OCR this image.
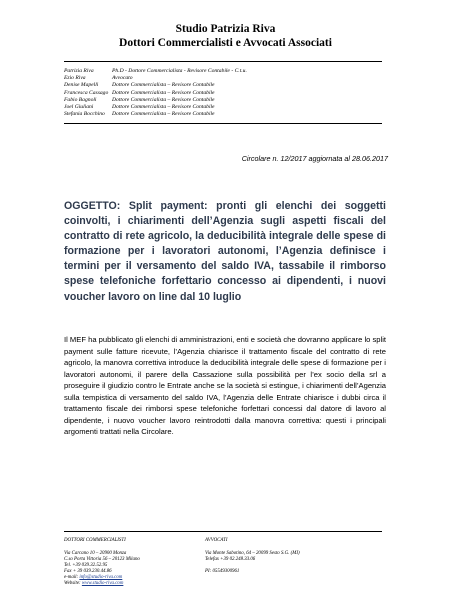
Studio Patrizia Riva
Dottori Commercialisti e Avvocati Associati
Patrizia Riva	Ph.D - Dottore Commercialista - Revisore Contabile - C.t.u.
Ezio Riva	Avvocato
Denise Mapelli	Dottore Commercialista – Revisore Contabile
Francesca Cassago Dottore Commercialista – Revisore Contabile
Fabio Bagnoli	Dottore Commercialista – Revisore Contabile
Joel Giuliani	Dottore Commercialista – Revisore Contabile
Stefania Bocchino	Dottore Commercialista – Revisore Contabile
Circolare n. 12/2017 aggiornata al 28.06.2017
OGGETTO: Split payment: pronti gli elenchi dei soggetti coinvolti, i chiarimenti dell’Agenzia sugli aspetti fiscali del contratto di rete agricolo, la deducibilità integrale delle spese di formazione per i lavoratori autonomi, l’Agenzia definisce i termini per il versamento del saldo IVA, tassabile il rimborso spese telefoniche forfettario concesso ai dipendenti, i nuovi voucher lavoro on line dal 10 luglio
Il MEF ha pubblicato gli elenchi di amministrazioni, enti e società che dovranno applicare lo split payment sulle fatture ricevute, l’Agenzia chiarisce il trattamento fiscale del contratto di rete agricolo, la manovra correttiva introduce la deducibilità integrale delle spese di formazione per i lavoratori autonomi, il parere della Cassazione sulla possibilità per l’ex socio della srl a proseguire il giudizio contro le Entrate anche se la società si estingue, i chiarimenti dell’Agenzia sulla tempistica di versamento del saldo IVA, l’Agenzia delle Entrate chiarisce i dubbi circa il trattamento fiscale dei rimborsi spese telefoniche forfettari concessi dal datore di lavoro al dipendente, i nuovo voucher lavoro reintrodotti dalla manovra correttiva: questi i principali argomenti trattati nella Circolare.
DOTTORI COMMERCIALISTI
Via Carcano 10 – 20900 Monza
C.so Porta Vittoria 56 – 20123 Milano
Tel. +39 039.32.52.95
Fax + 39 039.230.44.86
e-mail: info@studio-riva.com
Website: www.studio-riva.com
AVVOCATI
Via Monte Sabotino, 64 – 20099 Sesto S.G. (MI)
Telefax +39 02.248.33.06
PI: 05549300961
